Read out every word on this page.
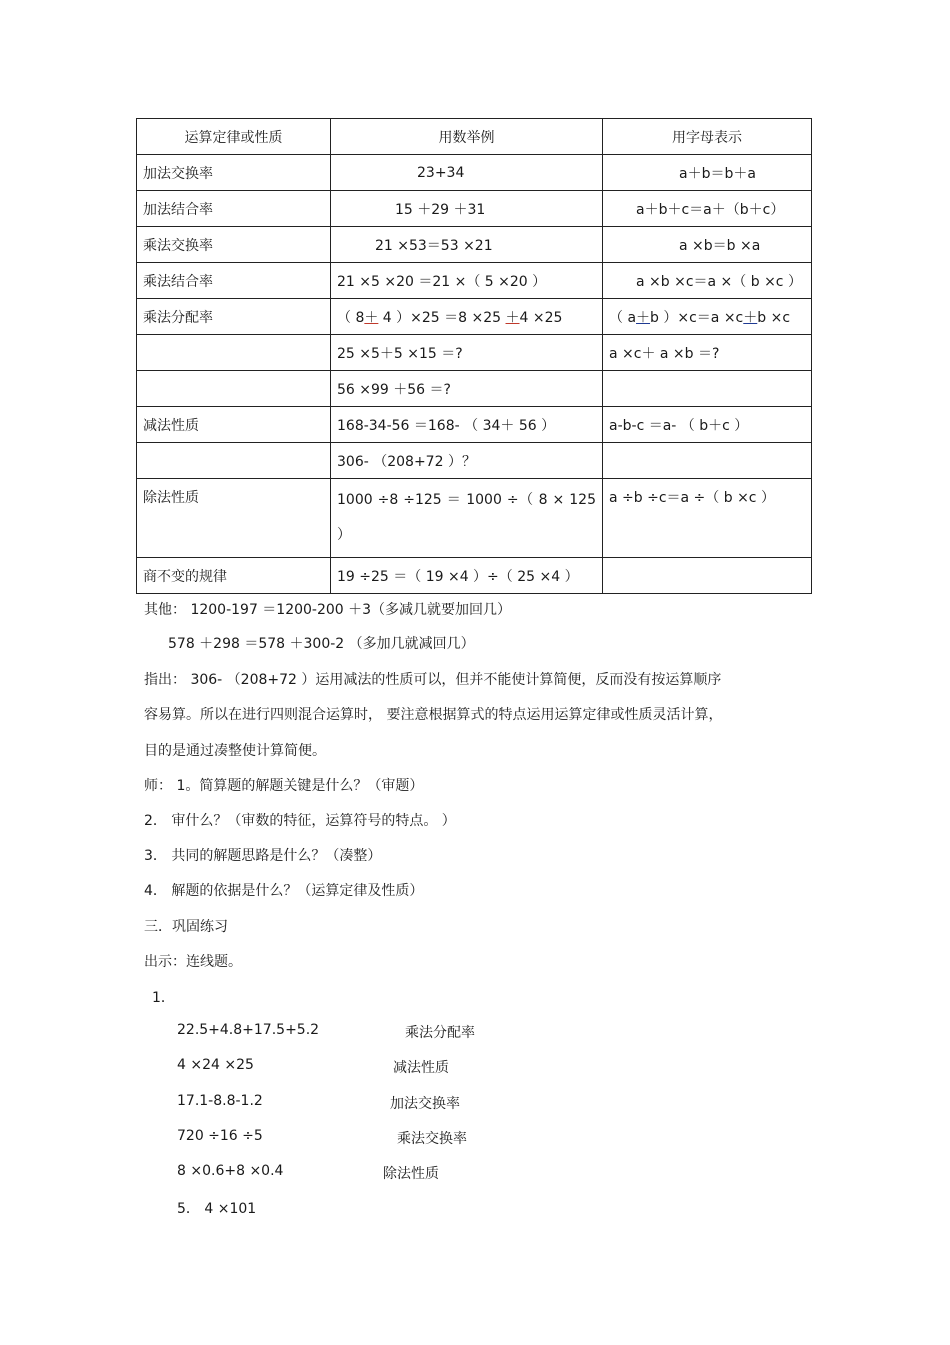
运算定律或性质	用数举例	用字母表示
加法交换率	23+34	a＋b＝b＋a
加法结合率	15 ＋29 ＋31	a＋b＋c＝a＋（b＋c）
乘法交换率	21 ×53＝53 ×21	a ×b＝b ×a
乘法结合率	21 ×5 ×20 ＝21 ×（ 5 ×20 ）	a ×b ×c＝a ×（ b ×c ）
乘法分配率	（ 8＋ 4 ）×25 ＝8 ×25 ＋4 ×25	（ a＋b ）×c＝a ×c＋b ×c
	25 ×5＋5 ×15 ＝?	a ×c＋ a ×b ＝?
	56 ×99 ＋56 ＝?	
减法性质	168-34-56 ＝168- （ 34＋ 56 ）	a-b-c ＝a- （ b＋c ）
	306- （208+72 ）？	
除法性质	1000 ÷8 ÷125 ＝ 1000 ÷（ 8 × 125 ）	a ÷b ÷c＝a ÷（ b ×c ）
商不变的规律	19 ÷25 ＝（ 19 ×4 ）÷（ 25 ×4 ）	
其他： 1200-197 ＝1200-200 ＋3（多减几就要加回几）
578 ＋298 ＝578 ＋300-2 （多加几就减回几）
指出： 306- （208+72 ）运用减法的性质可以，但并不能使计算简便，反而没有按运算顺序
容易算。所以在进行四则混合运算时， 要注意根据算式的特点运用运算定律或性质灵活计算，
目的是通过凑整使计算简便。
师： 1。简算题的解题关键是什么？（审题）
2． 审什么？（审数的特征，运算符号的特点。 ）
3． 共同的解题思路是什么？（凑整）
4． 解题的依据是什么？（运算定律及性质）
三．巩固练习
出示：连线题。
1．
22.5+4.8+17.5+5.2
4 ×24 ×25
17.1-8.8-1.2
720 ÷16 ÷5
8 ×0.6+8 ×0.4
5． 4 ×101
乘法分配率
减法性质
加法交换率
乘法交换率
除法性质
